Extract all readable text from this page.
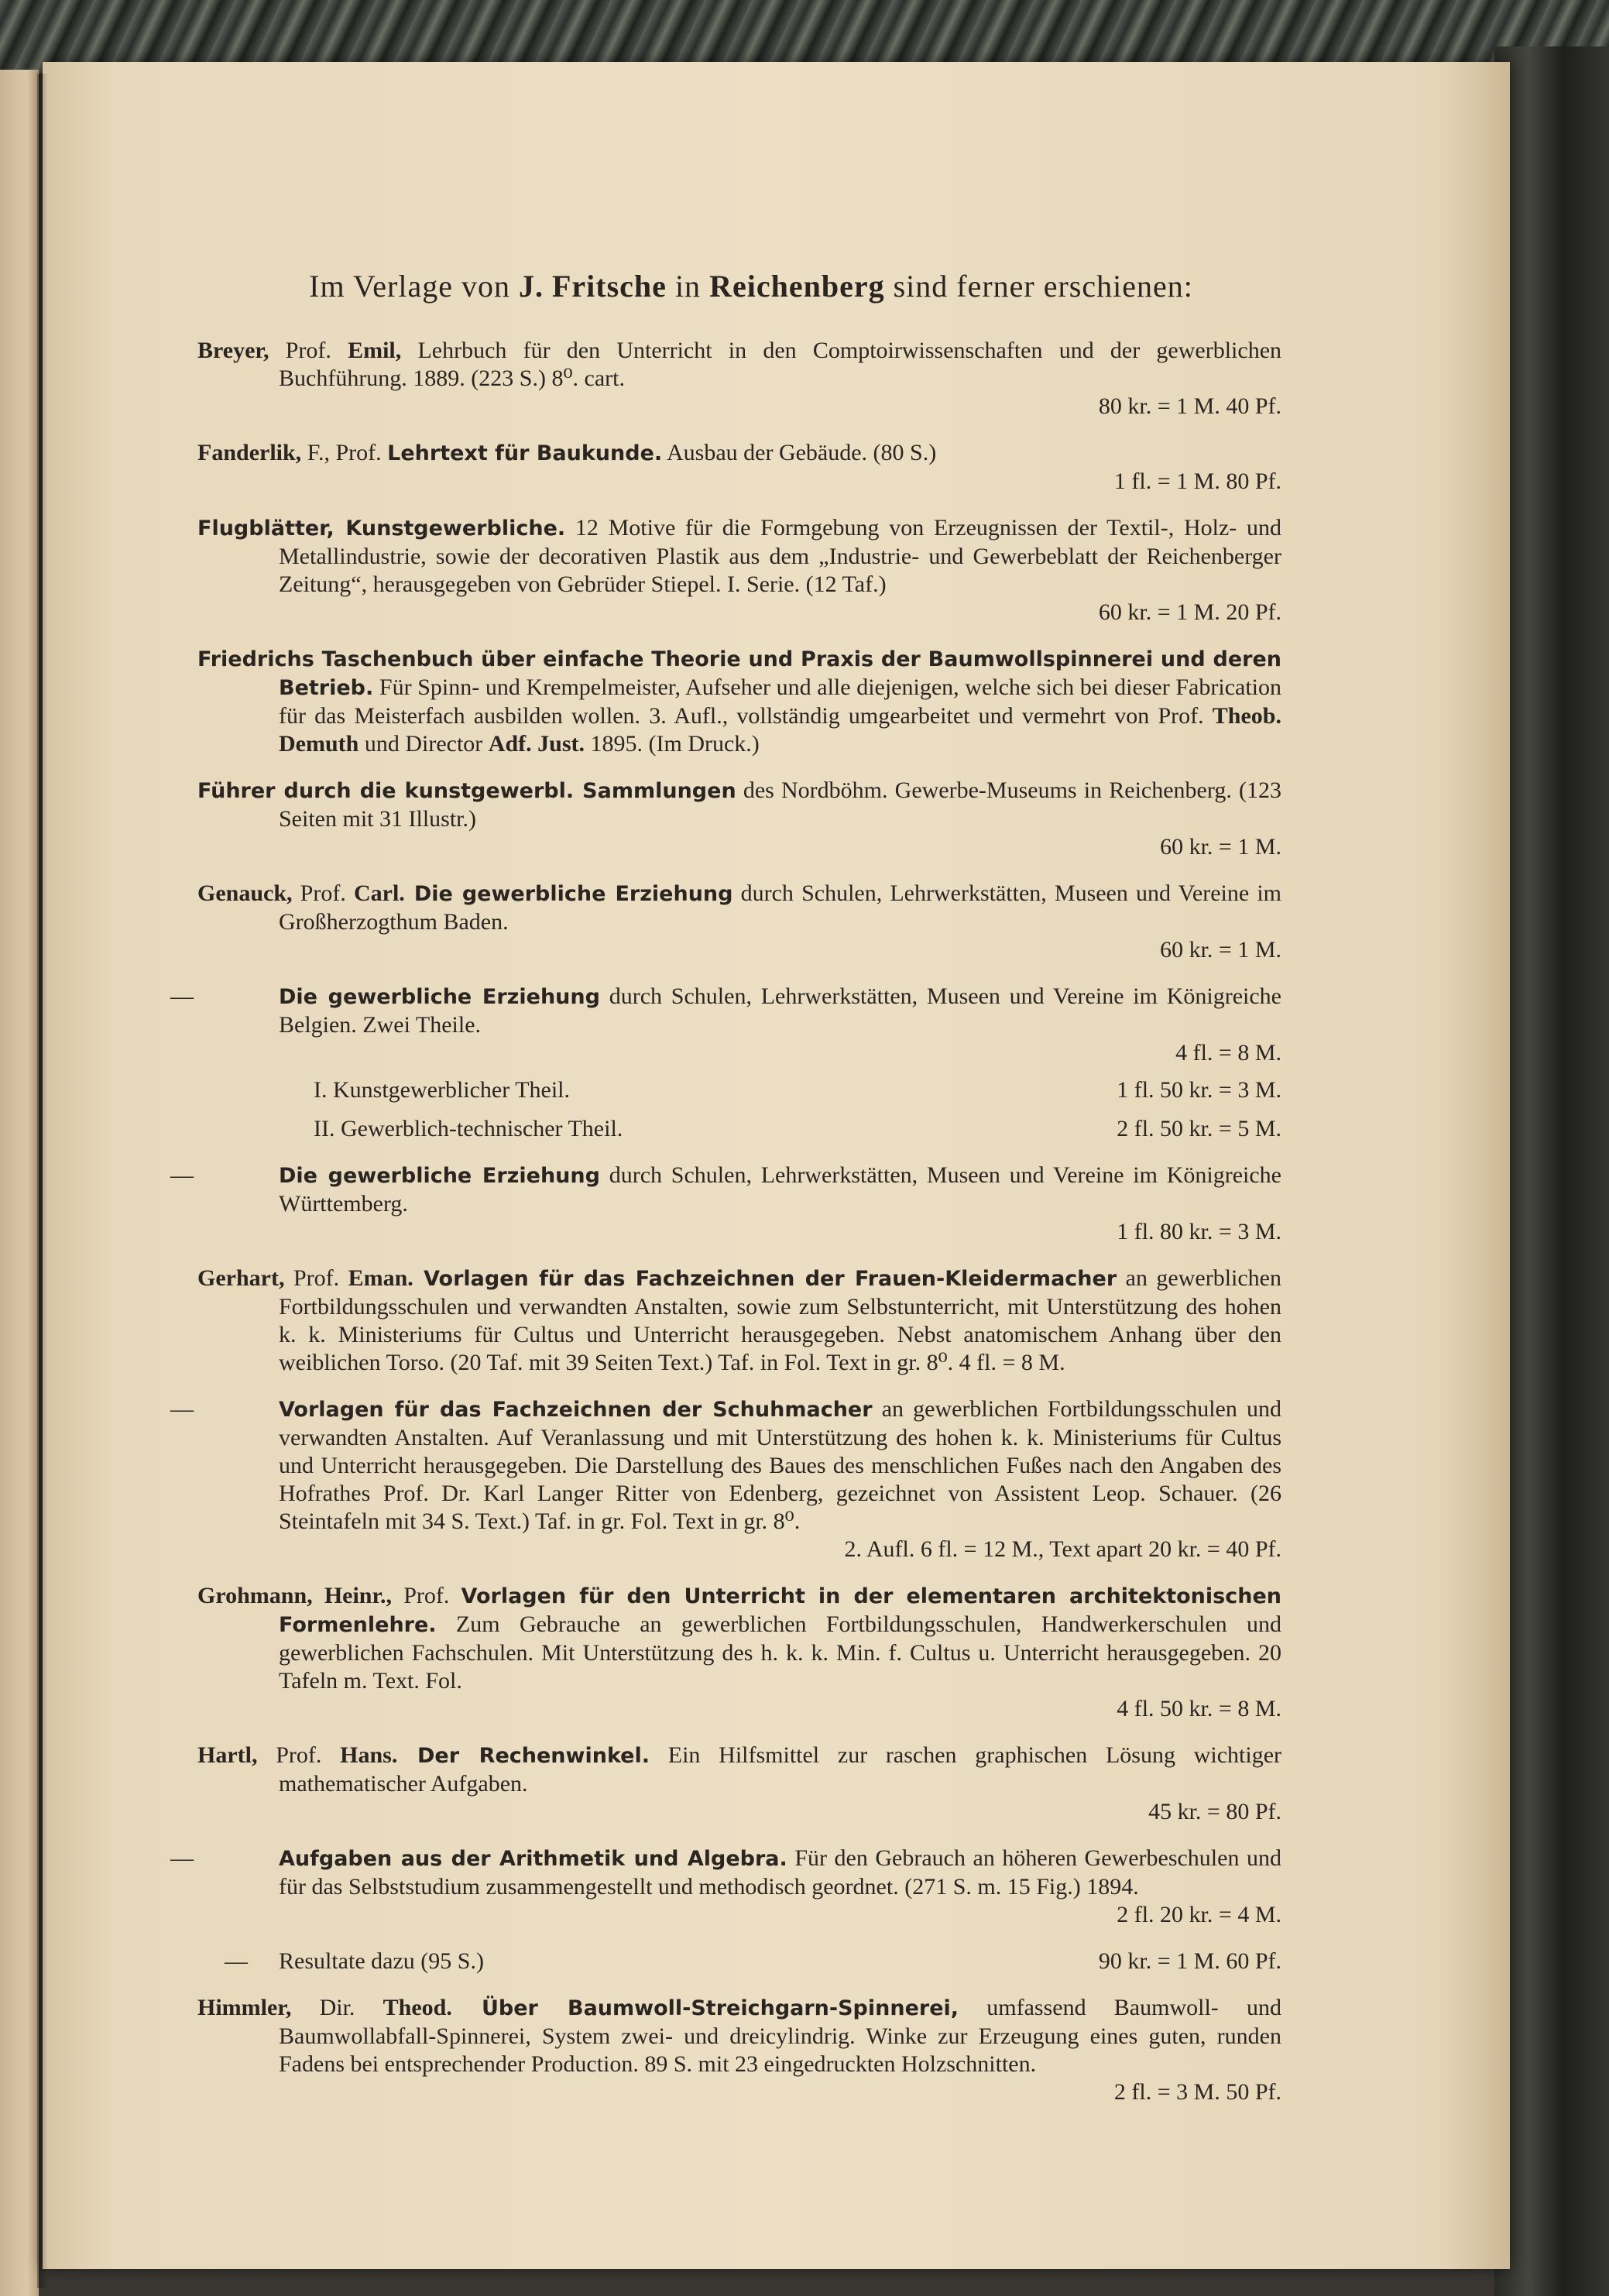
Im Verlage von J. Fritsche in Reichenberg sind ferner erschienen:
Breyer, Prof. Emil, Lehrbuch für den Unterricht in den Comptoirwissenschaften und der gewerblichen Buchführung. 1889. (223 S.) 8⁰. cart.
80 kr. = 1 M. 40 Pf.
Fanderlik, F., Prof. Lehrtext für Baukunde. Ausbau der Gebäude. (80 S.)
1 fl. = 1 M. 80 Pf.
Flugblätter, Kunstgewerbliche. 12 Motive für die Formgebung von Erzeugnissen der Textil-, Holz- und Metallindustrie, sowie der decorativen Plastik aus dem „Industrie- und Gewerbeblatt der Reichenberger Zeitung“, herausgegeben von Gebrüder Stiepel. I. Serie. (12 Taf.)
60 kr. = 1 M. 20 Pf.
Friedrichs Taschenbuch über einfache Theorie und Praxis der Baumwollspinnerei und deren Betrieb. Für Spinn- und Krempelmeister, Aufseher und alle diejenigen, welche sich bei dieser Fabrication für das Meisterfach ausbilden wollen. 3. Aufl., vollständig umgearbeitet und vermehrt von Prof. Theob. Demuth und Director Adf. Just. 1895. (Im Druck.)
Führer durch die kunstgewerbl. Sammlungen des Nordböhm. Gewerbe-Museums in Reichenberg. (123 Seiten mit 31 Illustr.)
60 kr. = 1 M.
Genauck, Prof. Carl. Die gewerbliche Erziehung durch Schulen, Lehrwerkstätten, Museen und Vereine im Großherzogthum Baden.
60 kr. = 1 M.
—	Die gewerbliche Erziehung durch Schulen, Lehrwerkstätten, Museen und Vereine im Königreiche Belgien. Zwei Theile.
4 fl. = 8 M.
I. Kunstgewerblicher Theil.	1 fl. 50 kr. = 3 M.
II. Gewerblich-technischer Theil.	2 fl. 50 kr. = 5 M.
—	Die gewerbliche Erziehung durch Schulen, Lehrwerkstätten, Museen und Vereine im Königreiche Württemberg.
1 fl. 80 kr. = 3 M.
Gerhart, Prof. Eman. Vorlagen für das Fachzeichnen der Frauen-Kleidermacher an gewerblichen Fortbildungsschulen und verwandten Anstalten, sowie zum Selbstunterricht, mit Unterstützung des hohen k. k. Ministeriums für Cultus und Unterricht herausgegeben. Nebst anatomischem Anhang über den weiblichen Torso. (20 Taf. mit 39 Seiten Text.) Taf. in Fol. Text in gr. 8⁰. 4 fl. = 8 M.
—	Vorlagen für das Fachzeichnen der Schuhmacher an gewerblichen Fortbildungsschulen und verwandten Anstalten. Auf Veranlassung und mit Unterstützung des hohen k. k. Ministeriums für Cultus und Unterricht herausgegeben. Die Darstellung des Baues des menschlichen Fußes nach den Angaben des Hofrathes Prof. Dr. Karl Langer Ritter von Edenberg, gezeichnet von Assistent Leop. Schauer. (26 Steintafeln mit 34 S. Text.) Taf. in gr. Fol. Text in gr. 8⁰.
2. Aufl. 6 fl. = 12 M., Text apart 20 kr. = 40 Pf.
Grohmann, Heinr., Prof. Vorlagen für den Unterricht in der elementaren architektonischen Formenlehre. Zum Gebrauche an gewerblichen Fortbildungsschulen, Handwerkerschulen und gewerblichen Fachschulen. Mit Unterstützung des h. k. k. Min. f. Cultus u. Unterricht herausgegeben. 20 Tafeln m. Text. Fol.
4 fl. 50 kr. = 8 M.
Hartl, Prof. Hans. Der Rechenwinkel. Ein Hilfsmittel zur raschen graphischen Lösung wichtiger mathematischer Aufgaben.
45 kr. = 80 Pf.
—	Aufgaben aus der Arithmetik und Algebra. Für den Gebrauch an höheren Gewerbeschulen und für das Selbststudium zusammengestellt und methodisch geordnet. (271 S. m. 15 Fig.) 1894.
2 fl. 20 kr. = 4 M.
— Resultate dazu (95 S.)	90 kr. = 1 M. 60 Pf.
Himmler, Dir. Theod. Über Baumwoll-Streichgarn-Spinnerei, umfassend Baumwoll- und Baumwollabfall-Spinnerei, System zwei- und dreicylindrig. Winke zur Erzeugung eines guten, runden Fadens bei entsprechender Production. 89 S. mit 23 eingedruckten Holzschnitten.
2 fl. = 3 M. 50 Pf.
